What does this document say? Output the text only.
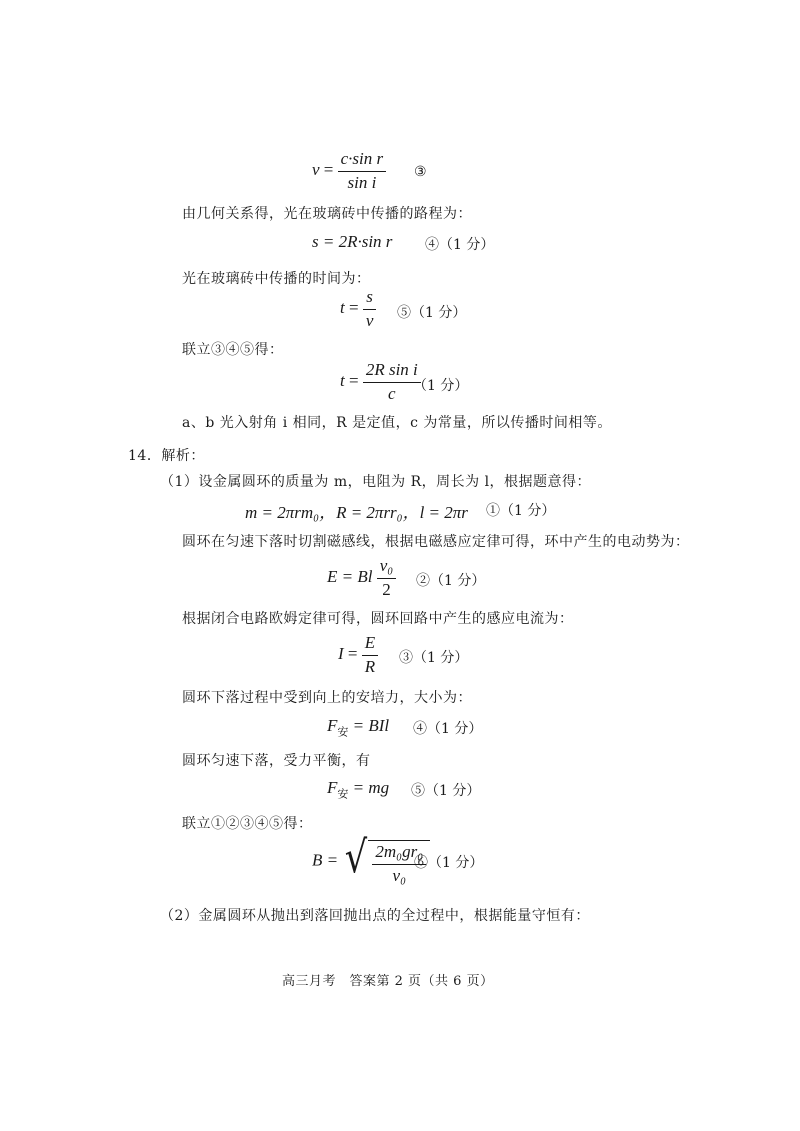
$v = \frac{\text{c·sin r}}{\text{sin i}}$ ③
由几何关系得，光在玻璃砖中传播的路程为：
s = 2R·sin r ④（1 分）
光在玻璃砖中传播的时间为：
$t = \frac{s}{v}$ ⑤（1 分）
联立③④⑤得：
$t = \frac{\text{2R sin i}}{c}$
（1 分）
a、b 光入射角 i 相同，R 是定值，c 为常量，所以传播时间相等。
14．解析：
（1）设金属圆环的质量为 m，电阻为 R，周长为 l，根据题意得：
m = 2πrm₀，R = 2πrr₀，l = 2πr ①（1 分）
圆环在匀速下落时切割磁感线，根据电磁感应定律可得，环中产生的电动势为：
E = Bl $\frac{\text{v₀}}{2}$ ②（1 分）
根据闭合电路欧姆定律可得，圆环回路中产生的感应电流为：
$I = \frac{E}{R}$ ③（1 分）
圆环下落过程中受到向上的安培力，大小为：
$F_安$ = BIl ④（1 分）
圆环匀速下落，受力平衡，有
$F_安$ = mg ⑤（1 分）
联立①②③④⑤得：
B = √ $\frac{\text{2m₀gr₀}}{\text{v₀}}$
⑥（1 分）
（2）金属圆环从抛出到落回抛出点的全过程中，根据能量守恒有：
高三月考　答案第 2 页（共 6 页）
